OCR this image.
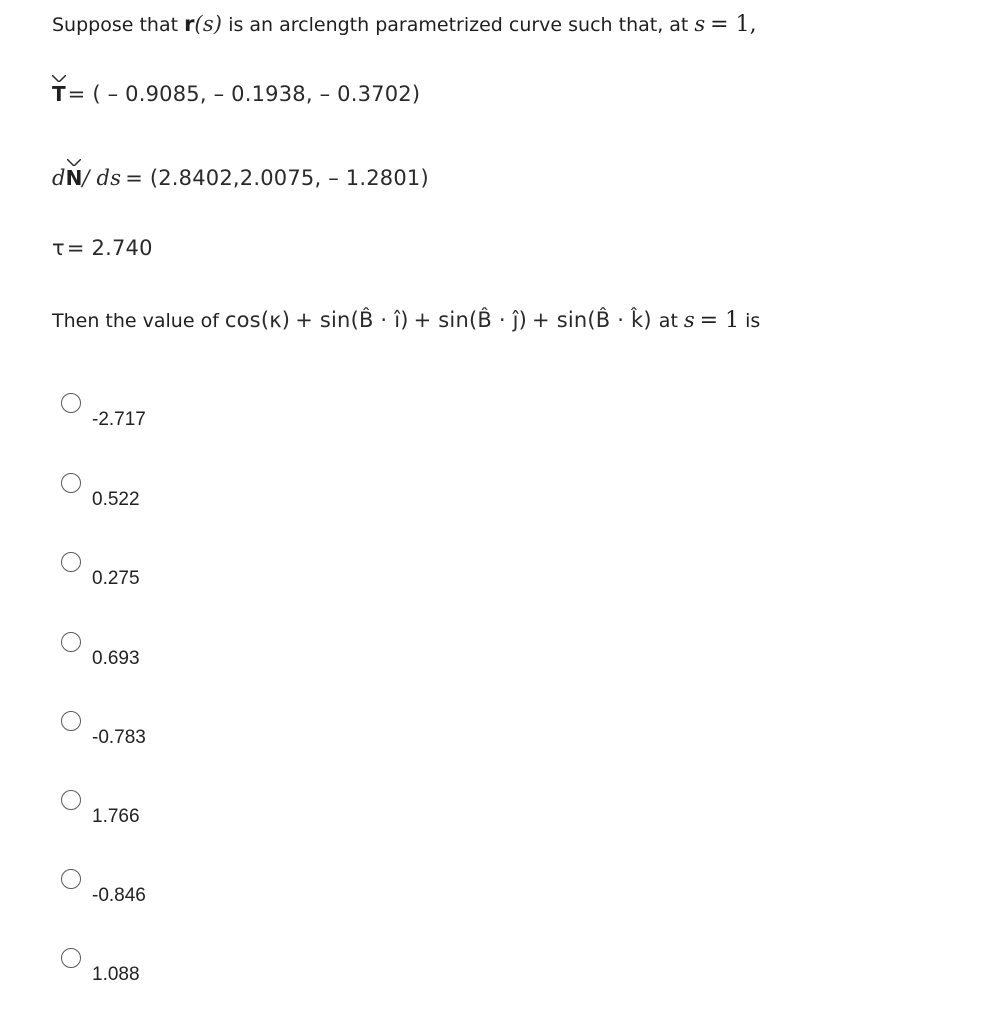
Suppose that r (s) is an arclength parametrized curve such that, at s = 1,
T = ( – 0.9085, – 0.1938, – 0.3702)
d N / ds = (2.8402,2.0075, – 1.2801)
τ = 2.740
Then the value of cos (κ) + sin (B̂ · î) + sin (B̂ · ĵ) + sin (B̂ · k̂) at s = 1 is
-2.717
0.522
0.275
0.693
-0.783
1.766
-0.846
1.088
